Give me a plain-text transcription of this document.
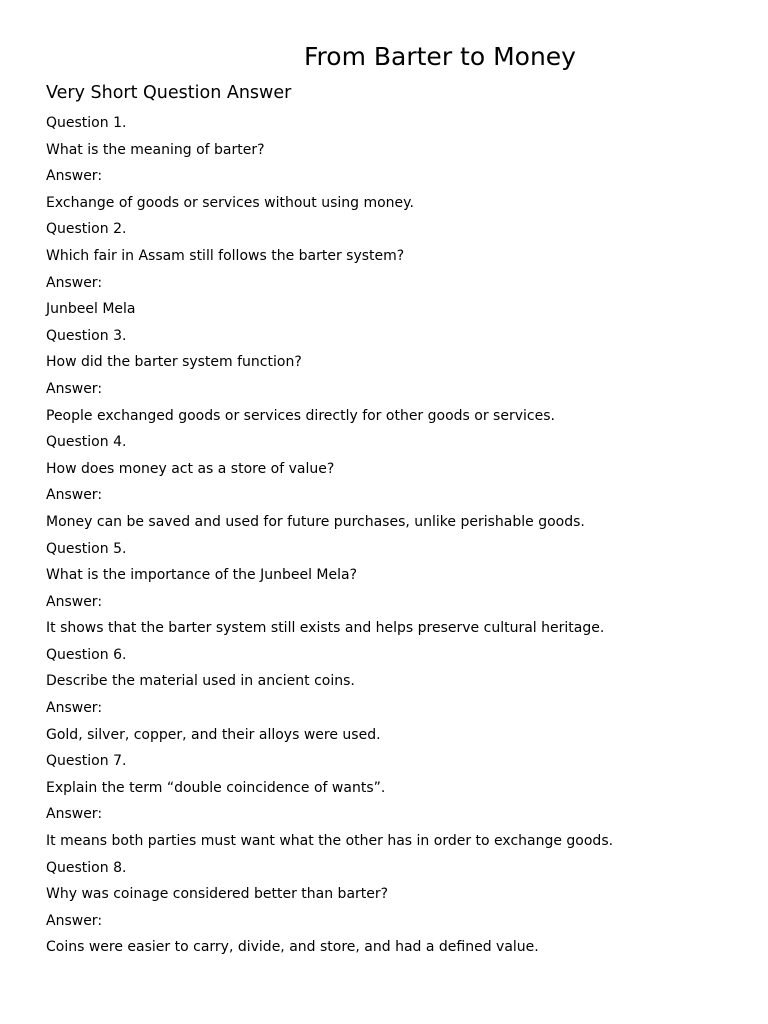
From Barter to Money
Very Short Question Answer
Question 1.
What is the meaning of barter?
Answer:
Exchange of goods or services without using money.
Question 2.
Which fair in Assam still follows the barter system?
Answer:
Junbeel Mela
Question 3.
How did the barter system function?
Answer:
People exchanged goods or services directly for other goods or services.
Question 4.
How does money act as a store of value?
Answer:
Money can be saved and used for future purchases, unlike perishable goods.
Question 5.
What is the importance of the Junbeel Mela?
Answer:
It shows that the barter system still exists and helps preserve cultural heritage.
Question 6.
Describe the material used in ancient coins.
Answer:
Gold, silver, copper, and their alloys were used.
Question 7.
Explain the term “double coincidence of wants”.
Answer:
It means both parties must want what the other has in order to exchange goods.
Question 8.
Why was coinage considered better than barter?
Answer:
Coins were easier to carry, divide, and store, and had a defined value.
